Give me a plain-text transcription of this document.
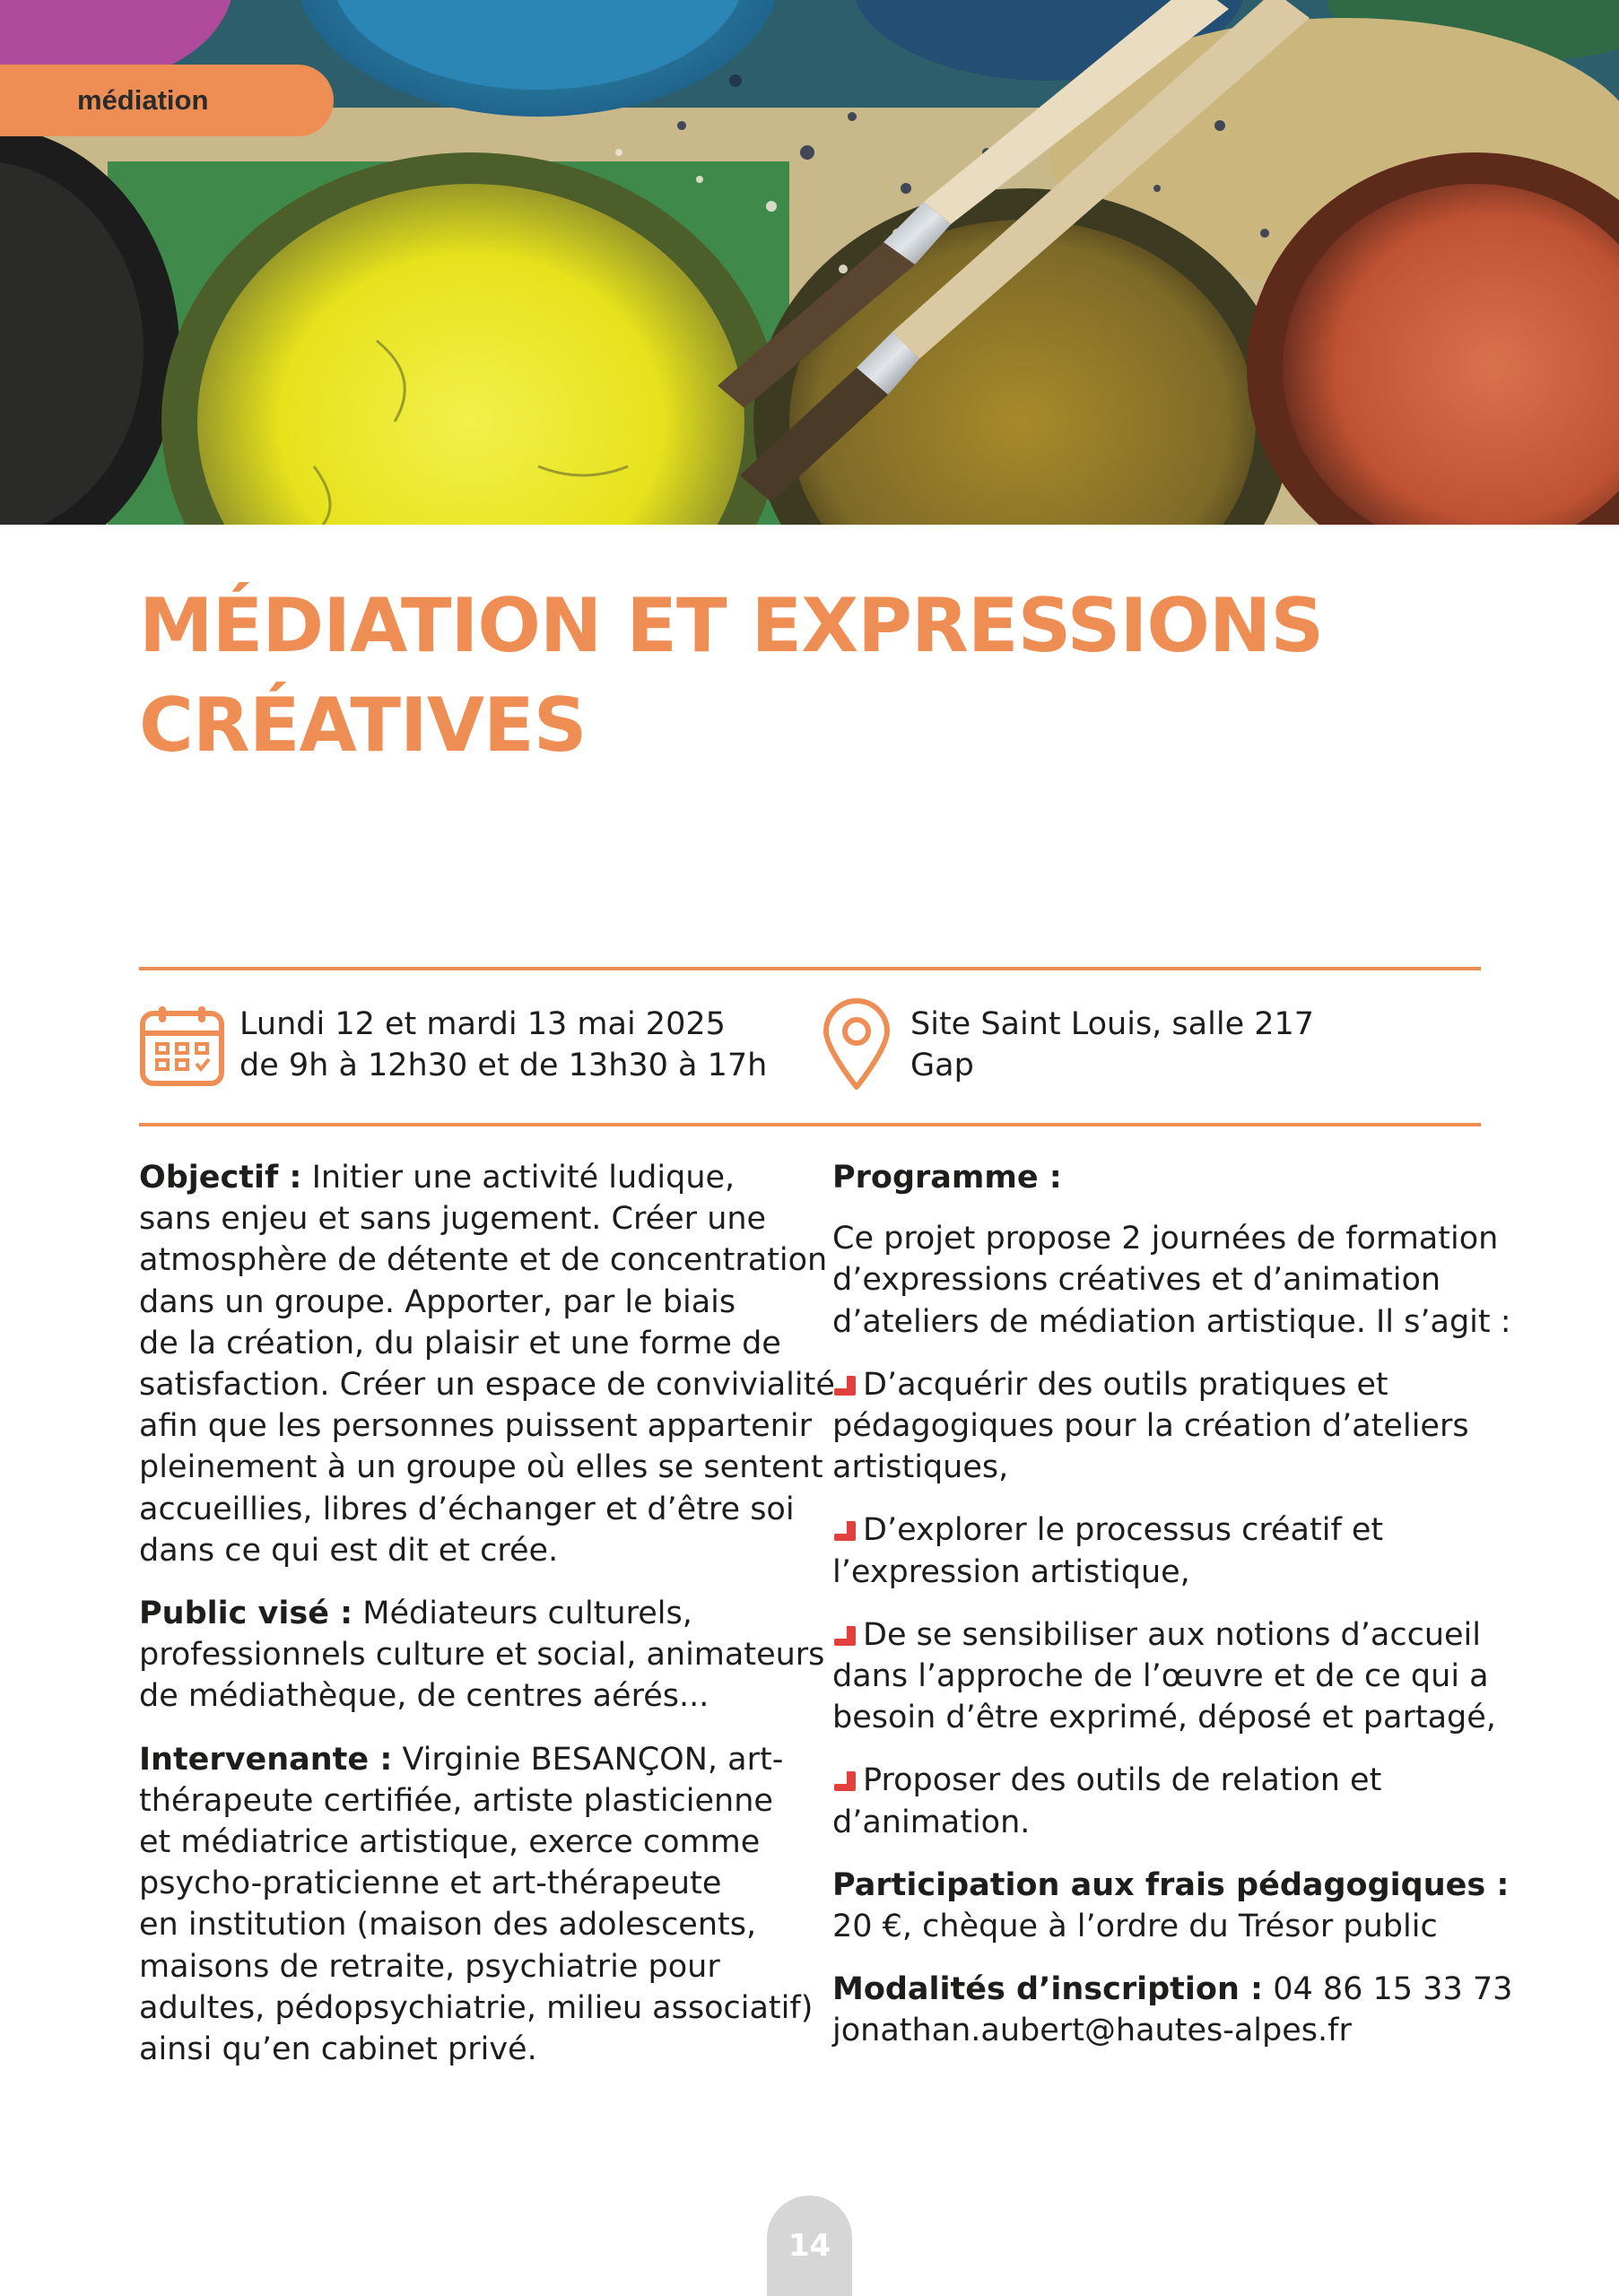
médiation
MÉDIATION ET EXPRESSIONS
CRÉATIVES
Lundi 12 et mardi 13 mai 2025
de 9h à 12h30 et de 13h30 à 17h
Site Saint Louis, salle 217
Gap

Objectif : Initier une activité ludique,
sans enjeu et sans jugement. Créer une
atmosphère de détente et de concentration
dans un groupe. Apporter, par le biais
de la création, du plaisir et une forme de
satisfaction. Créer un espace de convivialité
afin que les personnes puissent appartenir
pleinement à un groupe où elles se sentent
accueillies, libres d’échanger et d’être soi
dans ce qui est dit et crée.

Public visé : Médiateurs culturels,
professionnels culture et social, animateurs
de médiathèque, de centres aérés...

Intervenante : Virginie BESANÇON, art-
thérapeute certifiée, artiste plasticienne
et médiatrice artistique, exerce comme
psycho-praticienne et art-thérapeute
en institution (maison des adolescents,
maisons de retraite, psychiatrie pour
adultes, pédopsychiatrie, milieu associatif)
ainsi qu’en cabinet privé.

Programme :

Ce projet propose 2 journées de formation
d’expressions créatives et d’animation
d’ateliers de médiation artistique. Il s’agit :

D’acquérir des outils pratiques et
pédagogiques pour la création d’ateliers
artistiques,

D’explorer le processus créatif et
l’expression artistique,

De se sensibiliser aux notions d’accueil
dans l’approche de l’œuvre et de ce qui a
besoin d’être exprimé, déposé et partagé,

Proposer des outils de relation et
d’animation.

Participation aux frais pédagogiques :
20 €, chèque à l’ordre du Trésor public

Modalités d’inscription : 04 86 15 33 73
jonathan.aubert@hautes-alpes.fr

14
